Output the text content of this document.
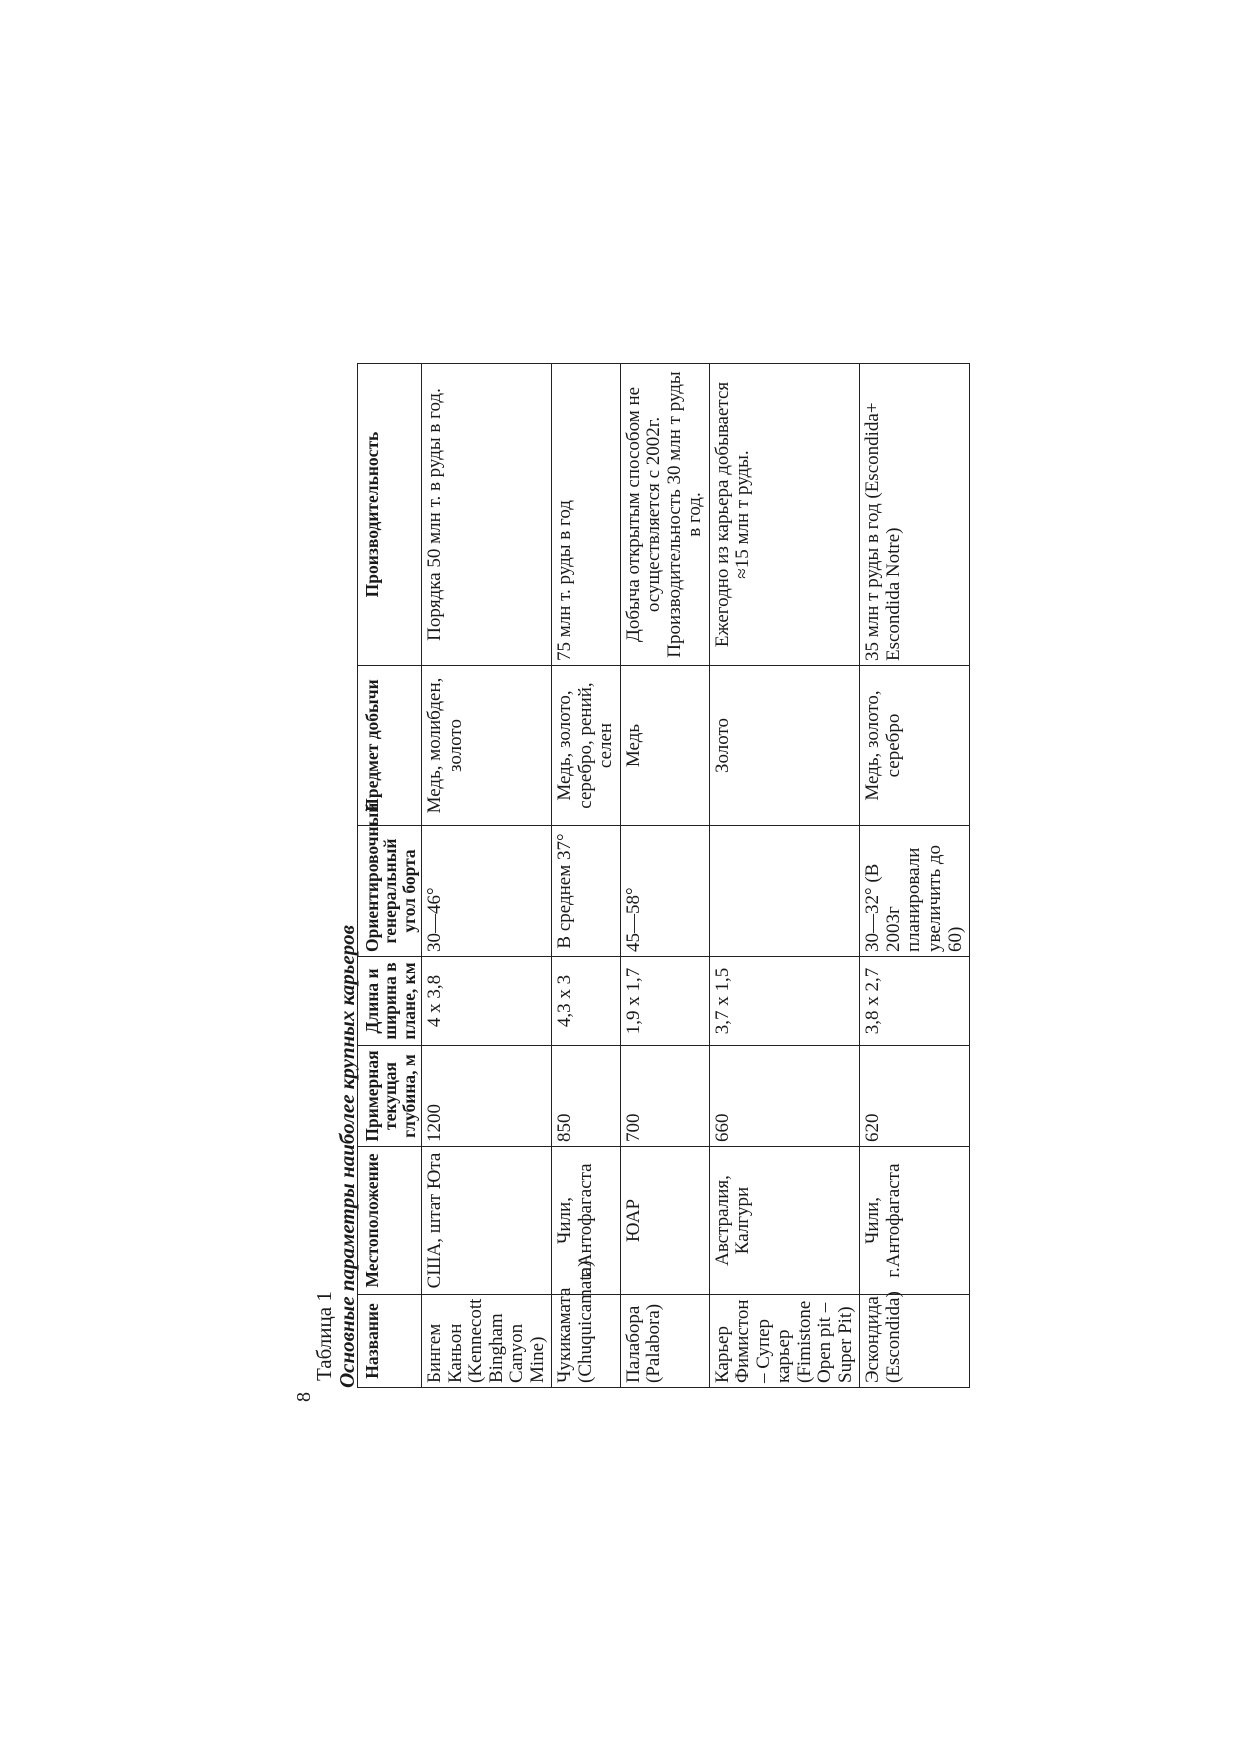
8
Таблица 1 Основные параметры наиболее крупных карьеров Название	Местоположение	Примерная текущая глубина, м	Длина и ширина в плане, км	Ориентировочный генеральный угол борта	Предмет добычи	Производительность
Бингем Каньон (Kennecott Bingham Canyon Mine)	США, штат Юта	1200	4 х 3,8	30—46°	Медь, молибден, золото	Порядка 50 млн т. в руды в год.
Чукикамата (Chuquicamata)	Чили, г.Антофагаста	850	4,3 х 3	В среднем 37°	Медь, золото, серебро, рений, селен	75 млн т. руды в год
Палабора (Palabora)	ЮАР	700	1,9 х 1,7	45—58°	Медь	Добыча открытым способом не осуществляется с 2002г. Производительность 30 млн т руды в год.
Карьер Фимистон – Супер карьер (Fimistone Open pit – Super Pit)	Австралия, Калгури	660	3,7 х 1,5		Золото	Ежегодно из карьера добывается ≈15 млн т руды.
Эскондида (Escondida)	Чили, г.Антофагаста	620	3,8 х 2,7	30—32° (В 2003г планировали увеличить до 60)	Медь, золото, серебро	35 млн т руды в год (Escondida+ Escondida Notre)
